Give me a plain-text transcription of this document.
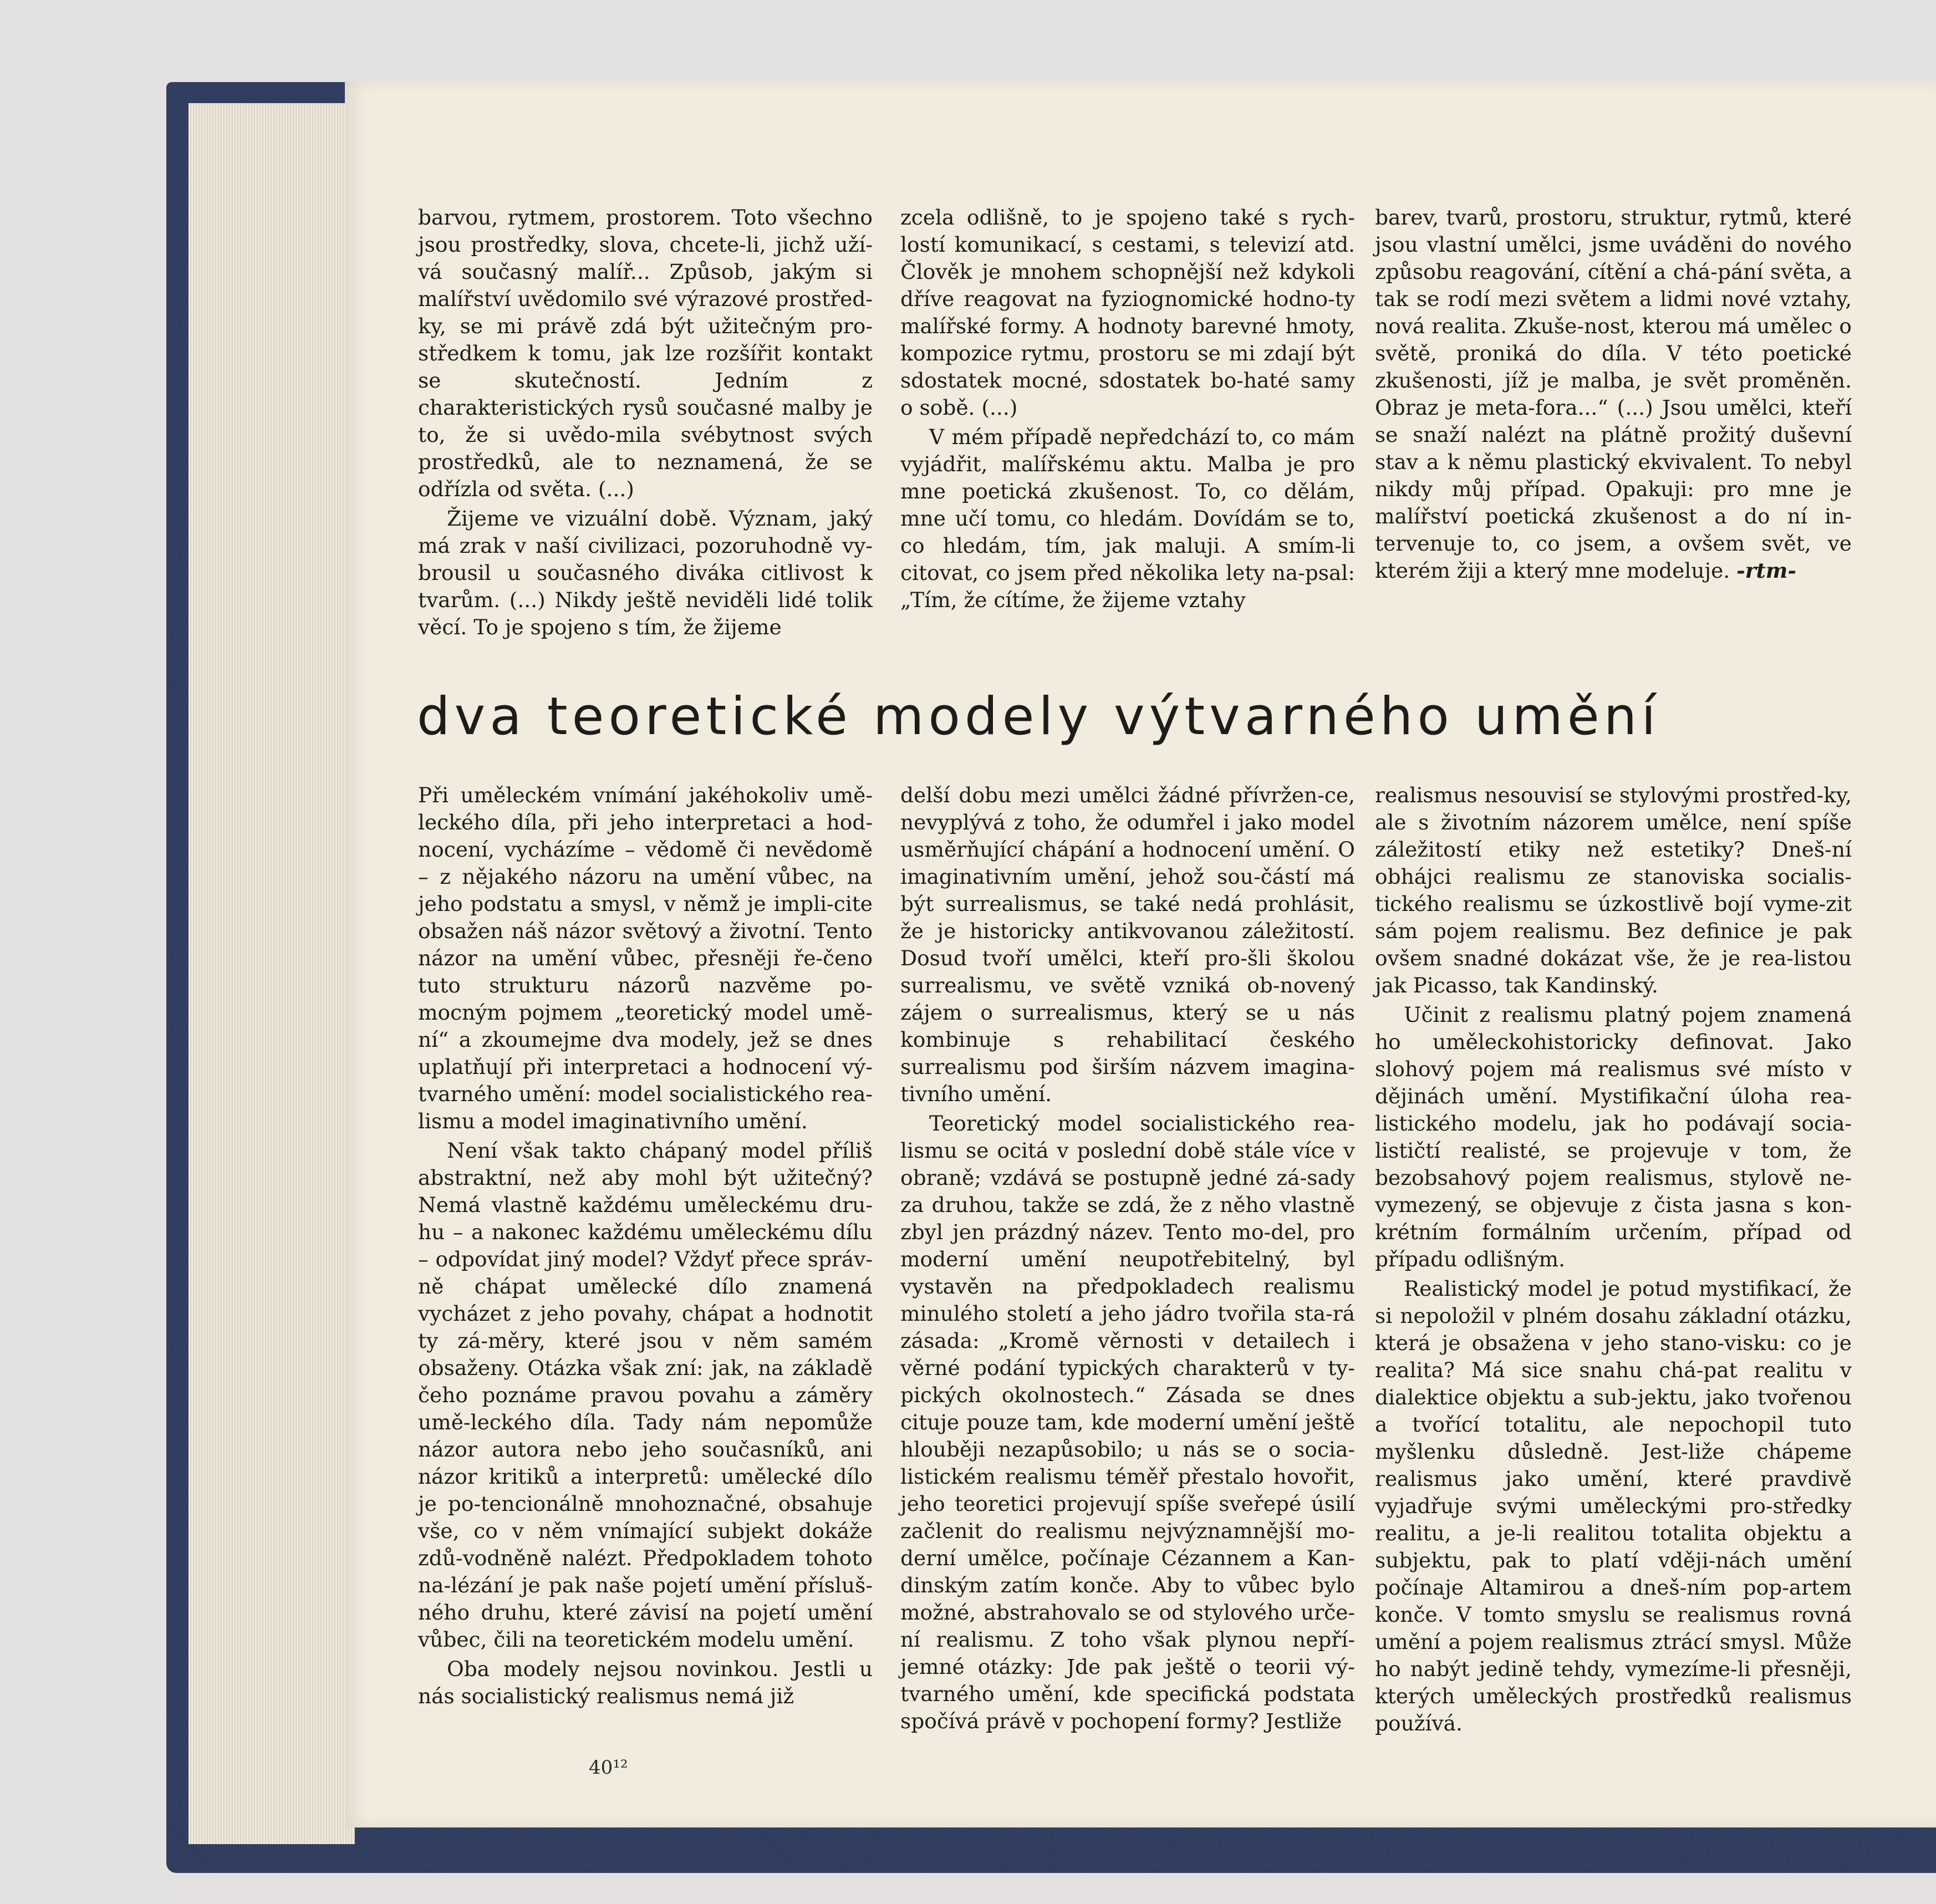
barvou, rytmem, prostorem. Toto všechno jsou prostředky, slova, chcete-li, jichž uží-vá současný malíř... Způsob, jakým si malířství uvědomilo své výrazové prostřed-ky, se mi právě zdá být užitečným pro-středkem k tomu, jak lze rozšířit kontakt se skutečností. Jedním z charakteristických rysů současné malby je to, že si uvědo-mila svébytnost svých prostředků, ale to neznamená, že se odřízla od světa. (...)

Žijeme ve vizuální době. Význam, jaký má zrak v naší civilizaci, pozoruhodně vy-brousil u současného diváka citlivost k tvarům. (...) Nikdy ještě neviděli lidé tolik věcí. To je spojeno s tím, že žijeme

zcela odlišně, to je spojeno také s rych-lostí komunikací, s cestami, s televizí atd. Člověk je mnohem schopnější než kdykoli dříve reagovat na fyziognomické hodno-ty malířské formy. A hodnoty barevné hmoty, kompozice rytmu, prostoru se mi zdají být sdostatek mocné, sdostatek bo-haté samy o sobě. (...)

V mém případě nepředchází to, co mám vyjádřit, malířskému aktu. Malba je pro mne poetická zkušenost. To, co dělám, mne učí tomu, co hledám. Dovídám se to, co hledám, tím, jak maluji. A smím-li citovat, co jsem před několika lety na-psal: „Tím, že cítíme, že žijeme vztahy

barev, tvarů, prostoru, struktur, rytmů, které jsou vlastní umělci, jsme uváděni do nového způsobu reagování, cítění a chá-pání světa, a tak se rodí mezi světem a lidmi nové vztahy, nová realita. Zkuše-nost, kterou má umělec o světě, proniká do díla. V této poetické zkušenosti, jíž je malba, je svět proměněn. Obraz je meta-fora...“ (...) Jsou umělci, kteří se snaží nalézt na plátně prožitý duševní stav a k němu plastický ekvivalent. To nebyl nikdy můj případ. Opakuji: pro mne je malířství poetická zkušenost a do ní in-tervenuje to, co jsem, a ovšem svět, ve kterém žiji a který mne modeluje. -rtm-

dva teoretické modely výtvarného umění

Při uměleckém vnímání jakéhokoliv umě-leckého díla, při jeho interpretaci a hod-nocení, vycházíme – vědomě či nevědomě – z nějakého názoru na umění vůbec, na jeho podstatu a smysl, v němž je impli-cite obsažen náš názor světový a životní. Tento názor na umění vůbec, přesněji ře-čeno tuto strukturu názorů nazvěme po-mocným pojmem „teoretický model umě-ní“ a zkoumejme dva modely, jež se dnes uplatňují při interpretaci a hodnocení vý-tvarného umění: model socialistického rea-lismu a model imaginativního umění.

Není však takto chápaný model příliš abstraktní, než aby mohl být užitečný? Nemá vlastně každému uměleckému dru-hu – a nakonec každému uměleckému dílu – odpovídat jiný model? Vždyť přece správ-ně chápat umělecké dílo znamená vycházet z jeho povahy, chápat a hodnotit ty zá-měry, které jsou v něm samém obsaženy. Otázka však zní: jak, na základě čeho poznáme pravou povahu a záměry umě-leckého díla. Tady nám nepomůže názor autora nebo jeho současníků, ani názor kritiků a interpretů: umělecké dílo je po-tencionálně mnohoznačné, obsahuje vše, co v něm vnímající subjekt dokáže zdů-vodněně nalézt. Předpokladem tohoto na-lézání je pak naše pojetí umění přísluš-ného druhu, které závisí na pojetí umění vůbec, čili na teoretickém modelu umění.

Oba modely nejsou novinkou. Jestli u nás socialistický realismus nemá již

delší dobu mezi umělci žádné přívržen-ce, nevyplývá z toho, že odumřel i jako model usměrňující chápání a hodnocení umění. O imaginativním umění, jehož sou-částí má být surrealismus, se také nedá prohlásit, že je historicky antikvovanou záležitostí. Dosud tvoří umělci, kteří pro-šli školou surrealismu, ve světě vzniká ob-novený zájem o surrealismus, který se u nás kombinuje s rehabilitací českého surrealismu pod širším názvem imagina-tivního umění.

Teoretický model socialistického rea-lismu se ocitá v poslední době stále více v obraně; vzdává se postupně jedné zá-sady za druhou, takže se zdá, že z něho vlastně zbyl jen prázdný název. Tento mo-del, pro moderní umění neupotřebitelný, byl vystavěn na předpokladech realismu minulého století a jeho jádro tvořila sta-rá zásada: „Kromě věrnosti v detailech i věrné podání typických charakterů v ty-pických okolnostech.“ Zásada se dnes cituje pouze tam, kde moderní umění ještě hlouběji nezapůsobilo; u nás se o socia-listickém realismu téměř přestalo hovořit, jeho teoretici projevují spíše sveřepé úsilí začlenit do realismu nejvýznamnější mo-derní umělce, počínaje Cézannem a Kan-dinským zatím konče. Aby to vůbec bylo možné, abstrahovalo se od stylového urče-ní realismu. Z toho však plynou nepří-jemné otázky: Jde pak ještě o teorii vý-tvarného umění, kde specifická podstata spočívá právě v pochopení formy? Jestliže

realismus nesouvisí se stylovými prostřed-ky, ale s životním názorem umělce, není spíše záležitostí etiky než estetiky? Dneš-ní obhájci realismu ze stanoviska socialis-tického realismu se úzkostlivě bojí vyme-zit sám pojem realismu. Bez definice je pak ovšem snadné dokázat vše, že je rea-listou jak Picasso, tak Kandinský.

Učinit z realismu platný pojem znamená ho uměleckohistoricky definovat. Jako slohový pojem má realismus své místo v dějinách umění. Mystifikační úloha rea-listického modelu, jak ho podávají socia-lističtí realisté, se projevuje v tom, že bezobsahový pojem realismus, stylově ne-vymezený, se objevuje z čista jasna s kon-krétním formálním určením, případ od případu odlišným.

Realistický model je potud mystifikací, že si nepoložil v plném dosahu základní otázku, která je obsažena v jeho stano-visku: co je realita? Má sice snahu chá-pat realitu v dialektice objektu a sub-jektu, jako tvořenou a tvořící totalitu, ale nepochopil tuto myšlenku důsledně. Jest-liže chápeme realismus jako umění, které pravdivě vyjadřuje svými uměleckými pro-středky realitu, a je-li realitou totalita objektu a subjektu, pak to platí vději-nách umění počínaje Altamirou a dneš-ním pop-artem konče. V tomto smyslu se realismus rovná umění a pojem realismus ztrácí smysl. Může ho nabýt jedině tehdy, vymezíme-li přesněji, kterých uměleckých prostředků realismus používá.

40¹²
